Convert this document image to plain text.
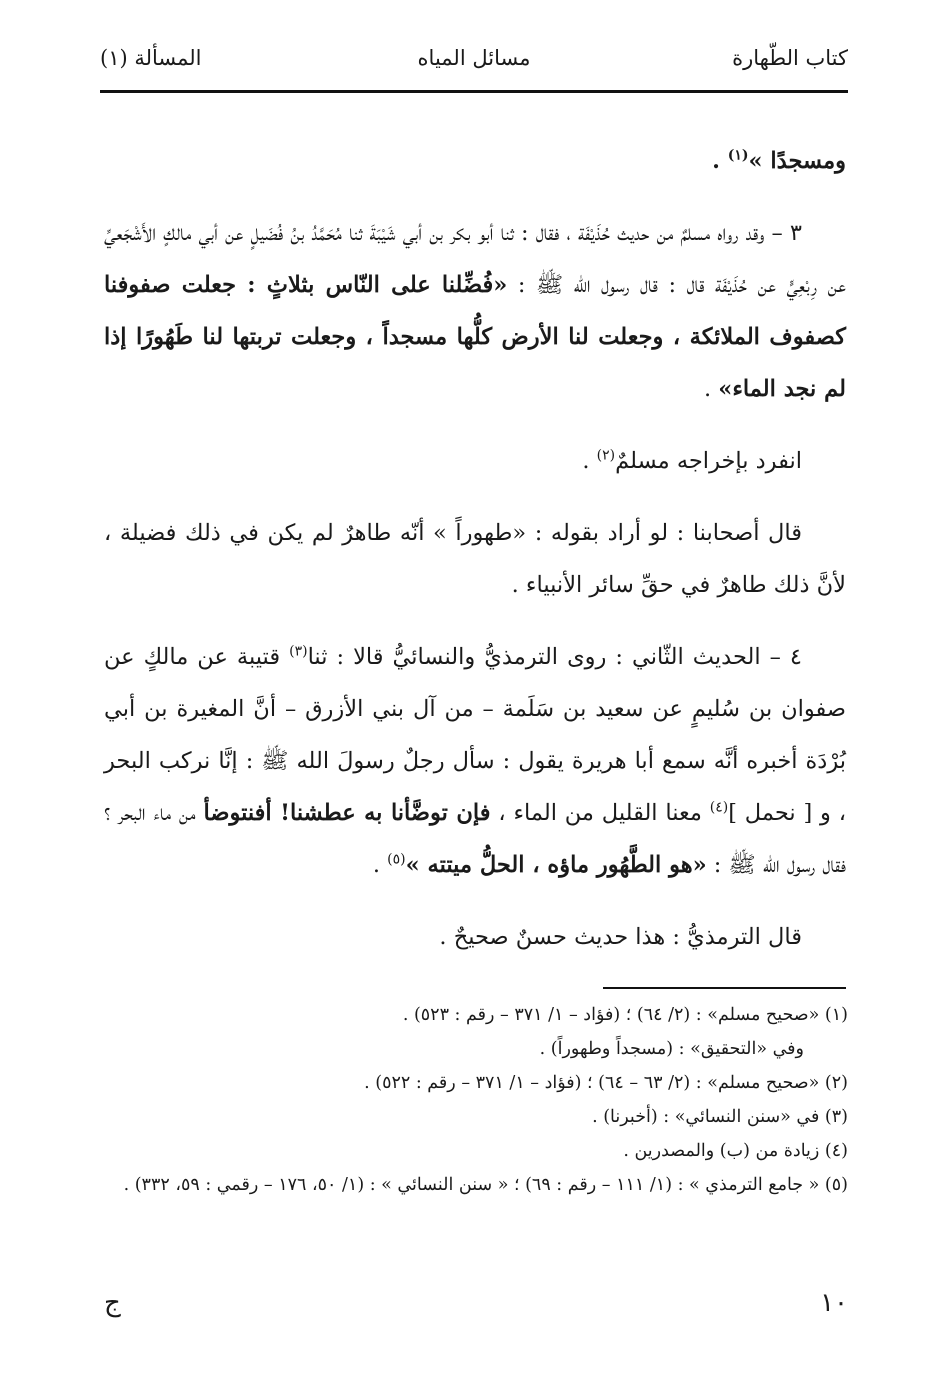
كتاب الطّهارة
مسائل المياه
المسألة (١)

ومسجدًا »$^{(١)}$ .

٣ – وقد رواه مسلمٌ من حديث حُذَيْفَة ، فقال : ثنا أبو بكر بن أبي شَيْبَةَ ثنا مُحَمَّدُ بنُ فُضَيلٍ عن أبي مالكٍ الأَشْجَعيِّ عن رِبْعِيٍّ عن حُذَيْفَة قال : قال رسول الله ﷺ : «فُضِّلنا على النّاس بثلاثٍ : جعلت صفوفنا كصفوف الملائكة ، وجعلت لنا الأرض كلُّها مسجداً ، وجعلت تربتها لنا طَهُورًا إذا لم نجد الماء» .

انفرد بإخراجه مسلمٌ$^{(٢)}$ .

قال أصحابنا : لو أراد بقوله : «طهوراً » أنّه طاهرٌ لم يكن في ذلك فضيلة ، لأنَّ ذلك طاهرٌ في حقِّ سائر الأنبياء .

٤ – الحديث الثّاني : روى الترمذيُّ والنسائيُّ قالا : ثنا$^{(٣)}$ قتيبة عن مالكٍ عن صفوان بن سُليمٍ عن سعيد بن سَلَمة – من آل بني الأزرق – أنَّ المغيرة بن أبي بُرْدَة أخبره أنَّه سمع أبا هريرة يقول : سأل رجلٌ رسولَ الله ﷺ : إنَّا نركب البحر ، و [ نحمل ]$^{(٤)}$ معنا القليل من الماء ، فإن توضَّأنا به عطشنا! أفنتوضأ من ماء البحر ؟ فقال رسول الله ﷺ : «هو الطَّهُور ماؤه ، الحلُّ ميتته »$^{(٥)}$ .

قال الترمذيُّ : هذا حديث حسنٌ صحيحٌ .

(١) «صحيح مسلم» : (٢/ ٦٤) ؛ (فؤاد – ١/ ٣٧١ – رقم : ٥٢٣) .

وفي «التحقيق» : (مسجداً وطهوراً) .

(٢) «صحيح مسلم» : (٢/ ٦٣ – ٦٤) ؛ (فؤاد – ١/ ٣٧١ – رقم : ٥٢٢) .

(٣) في «سنن النسائي» : (أخبرنا) .

(٤) زيادة من (ب) والمصدرين .

(٥) « جامع الترمذي » : (١/ ١١١ – رقم : ٦٩) ؛ « سنن النسائي » : (١/ ٥٠، ١٧٦ – رقمي : ٥٩، ٣٣٢) .

١٠
ج
